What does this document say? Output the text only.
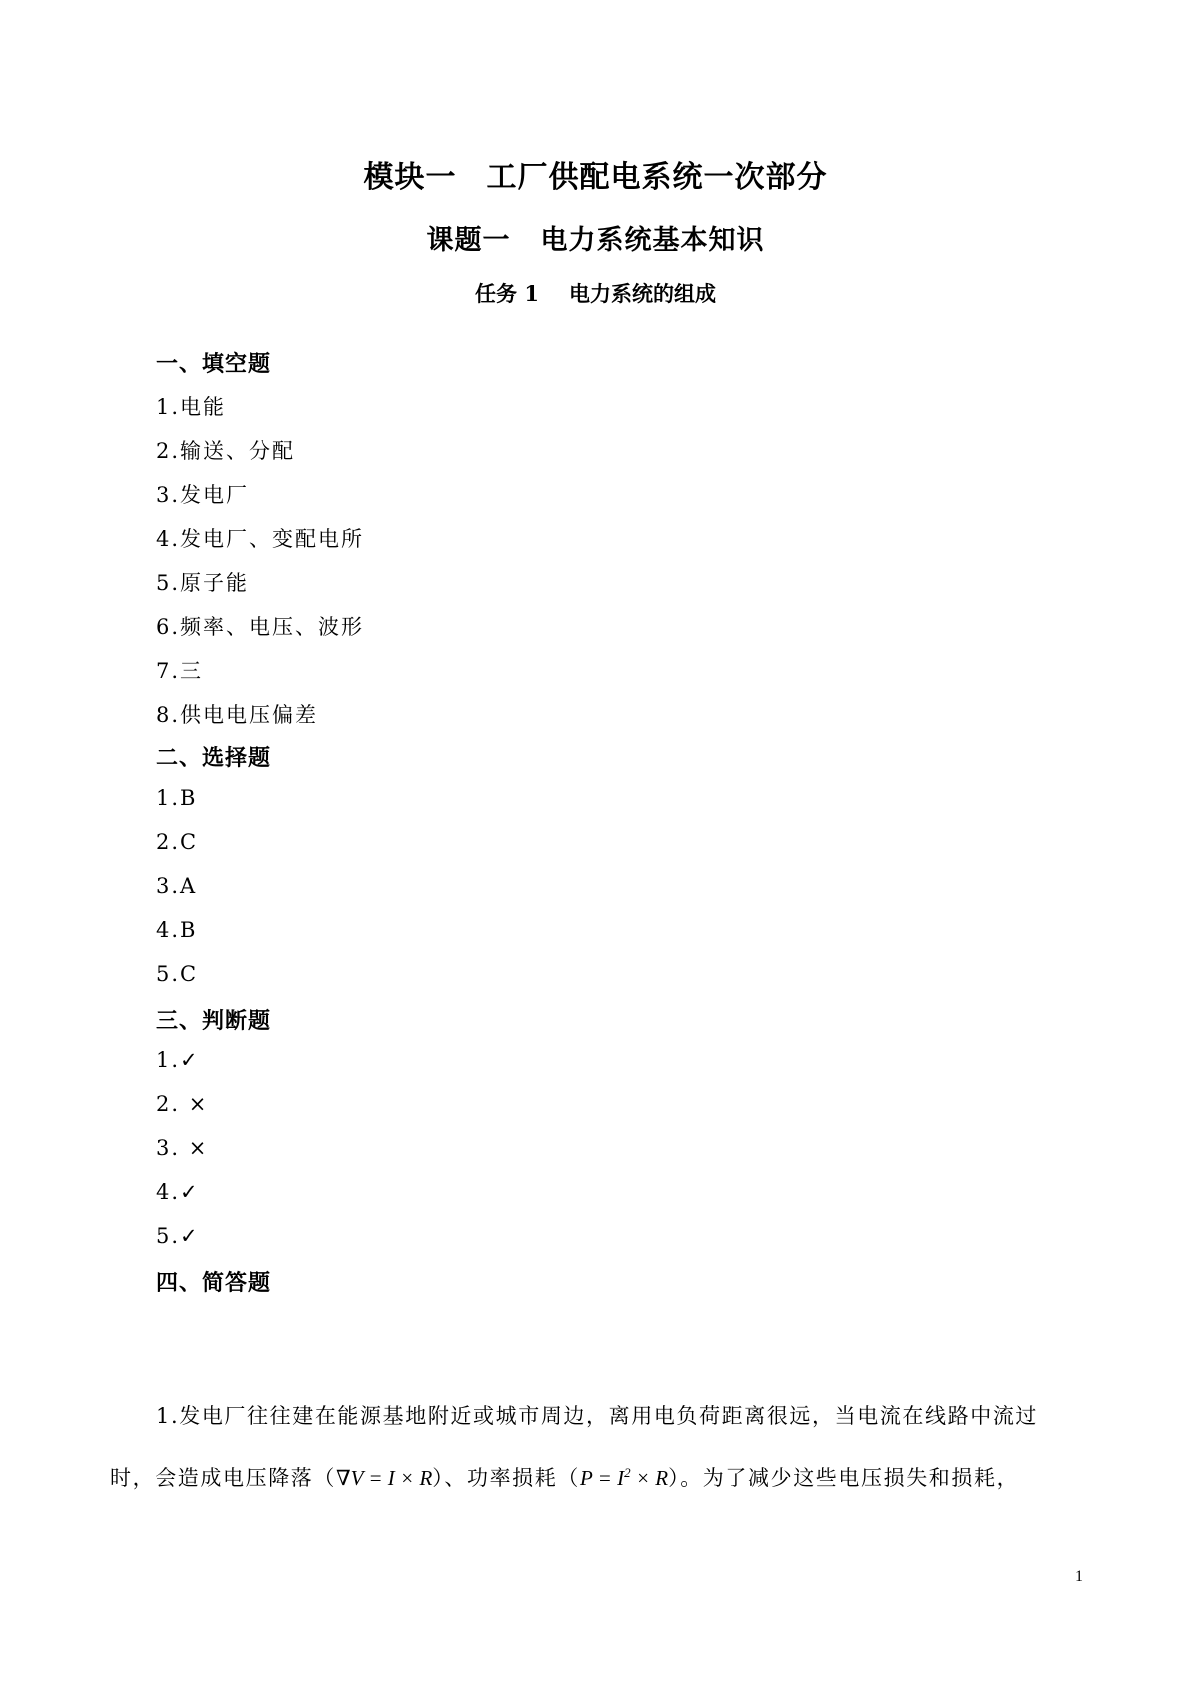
模块一 工厂供配电系统一次部分
课题一 电力系统基本知识
任务 1 电力系统的组成
一、填空题
1.电能
2.输送、分配
3.发电厂
4.发电厂、变配电所
5.原子能
6.频率、电压、波形
7.三
8.供电电压偏差
二、选择题
1.B
2.C
3.A
4.B
5.C
三、判断题
1.✓
2. ×
3. ×
4.✓
5.✓
四、简答题
1.发电厂往往建在能源基地附近或城市周边，离用电负荷距离很远，当电流在线路中流过
时，会造成电压降落（∇V = I × R）、功率损耗$(P = I^2 \times R)$。为了减少这些电压损失和损耗，
1
